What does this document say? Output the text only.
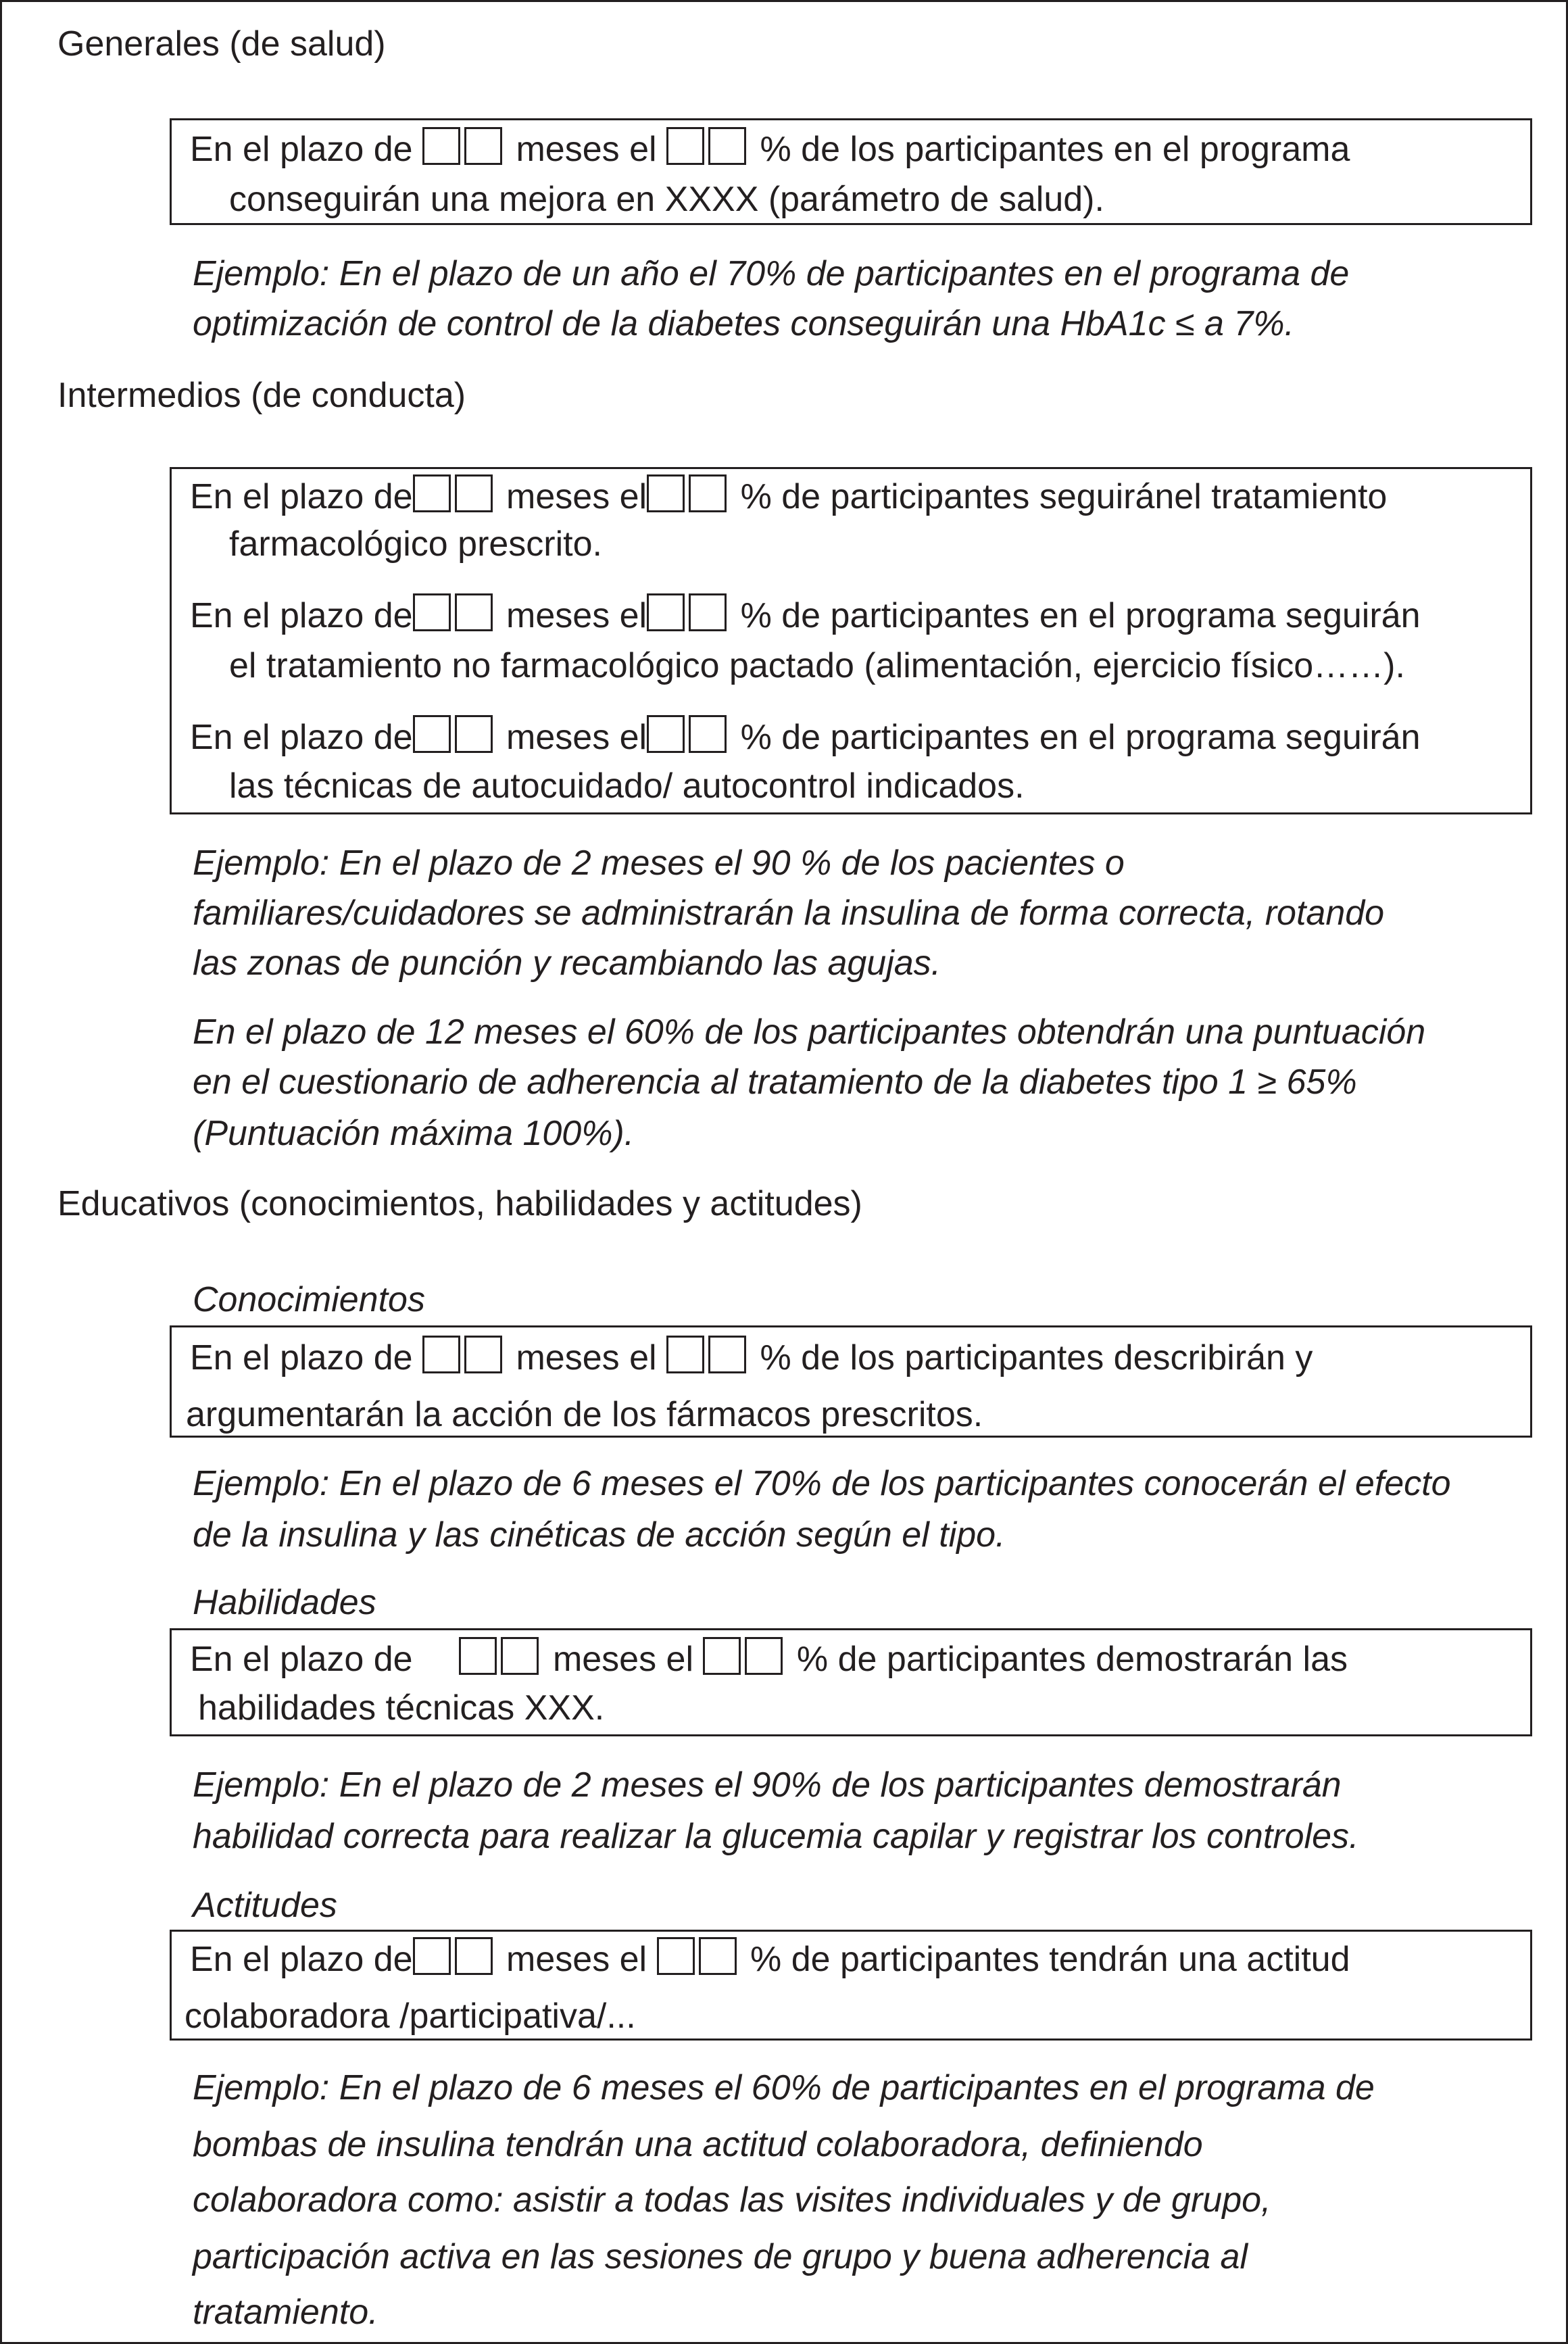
Generales (de salud)
En el plazo de	meses el	% de los participantes en el programa
conseguirán una mejora en XXXX (parámetro de salud).
Ejemplo: En el plazo de un año el 70% de participantes en el programa de
optimización de control de la diabetes conseguirán una HbA1c ≤ a 7%.
Intermedios (de conducta)
En el plazo de	meses el	% de participantes seguiránel tratamiento
farmacológico prescrito.
En el plazo de	meses el	% de participantes en el programa seguirán
el tratamiento no farmacológico pactado (alimentación, ejercicio físico……).
En el plazo de	meses el	% de participantes en el programa seguirán
las técnicas de autocuidado/ autocontrol indicados.
Ejemplo: En el plazo de 2 meses el 90 % de los pacientes o
familiares/cuidadores se administrarán la insulina de forma correcta, rotando
las zonas de punción y recambiando las agujas.
En el plazo de 12 meses el 60% de los participantes obtendrán una puntuación
en el cuestionario de adherencia al tratamiento de la diabetes tipo 1 ≥ 65%
(Puntuación máxima 100%).
Educativos (conocimientos, habilidades y actitudes)
Conocimientos
En el plazo de	meses el	% de los participantes describirán y
argumentarán la acción de los fármacos prescritos.
Ejemplo: En el plazo de 6 meses el 70% de los participantes conocerán el efecto
de la insulina y las cinéticas de acción según el tipo.
Habilidades
En el plazo de	meses el	% de participantes demostrarán las
habilidades técnicas XXX.
Ejemplo: En el plazo de 2 meses el 90% de los participantes demostrarán
habilidad correcta para realizar la glucemia capilar y registrar los controles.
Actitudes
En el plazo de	meses el	% de participantes tendrán una actitud
colaboradora /participativa/...
Ejemplo: En el plazo de 6 meses el 60% de participantes en el programa de
bombas de insulina tendrán una actitud colaboradora, definiendo
colaboradora como: asistir a todas las visites individuales y de grupo,
participación activa en las sesiones de grupo y buena adherencia al
tratamiento.
